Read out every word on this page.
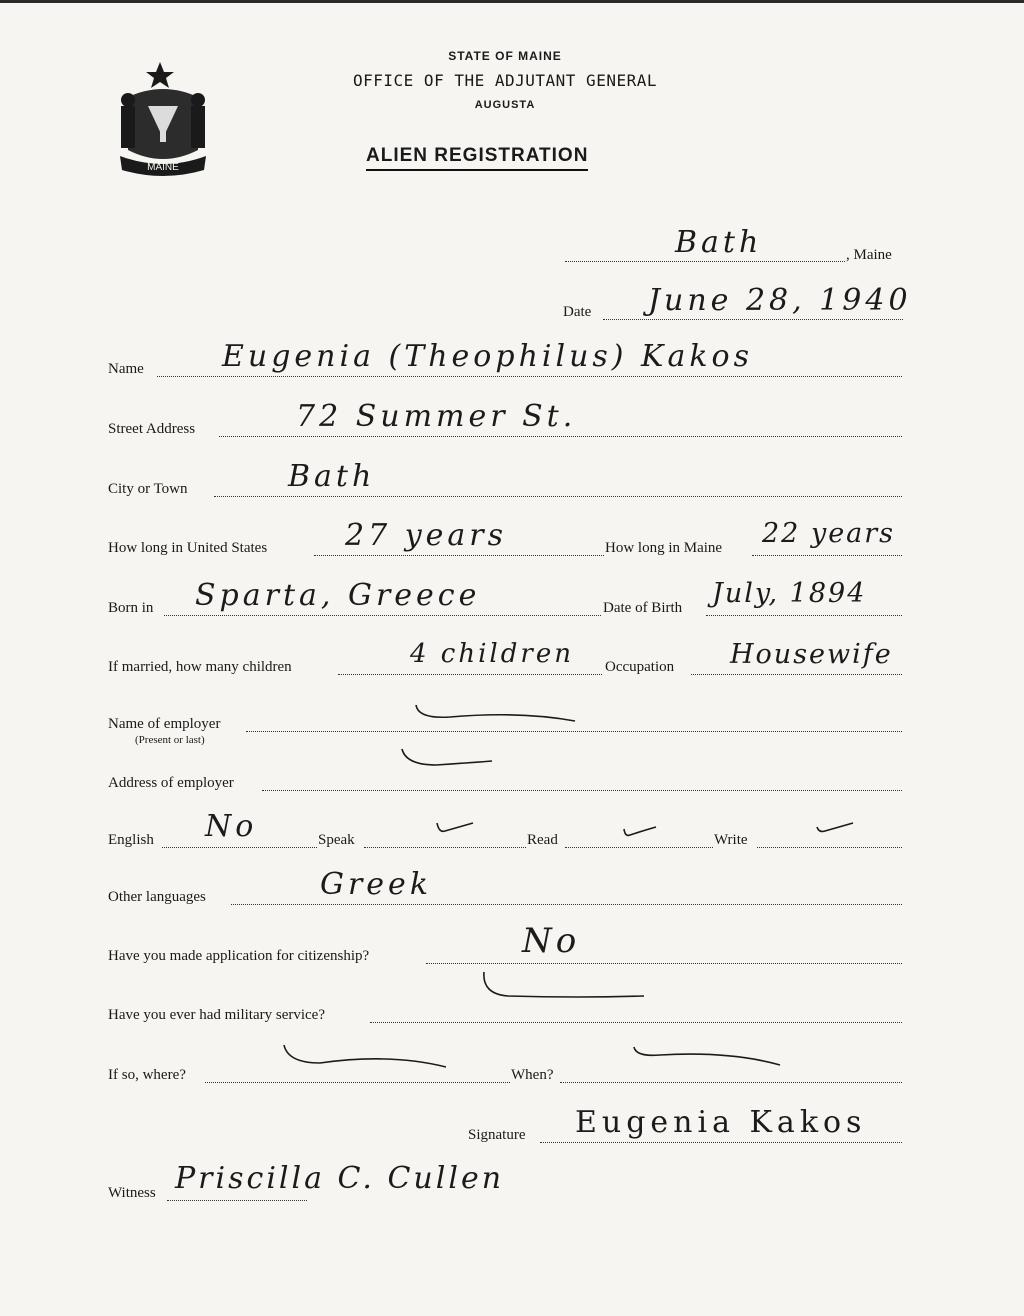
MAINE
STATE OF MAINE
OFFICE OF THE ADJUTANT GENERAL
AUGUSTA
ALIEN REGISTRATION
Bath	, Maine
Date June 28, 1940
Name	Eugenia (Theophilus) Kakos
Street Address	72 Summer St.
City or Town	Bath
How long in United States	27 years	How long in Maine 22 years
Born in Sparta, Greece	Date of Birth July, 1894
If married, how many children	4 children Occupation Housewife
Name of employer
(Present or last)
Address of employer
English No	Speak	Read	Write
Other languages	Greek
Have you made application for citizenship?	No
Have you ever had military service?
If so, where?	When?
Signature Eugenia Kakos
Witness Priscilla C. Cullen
